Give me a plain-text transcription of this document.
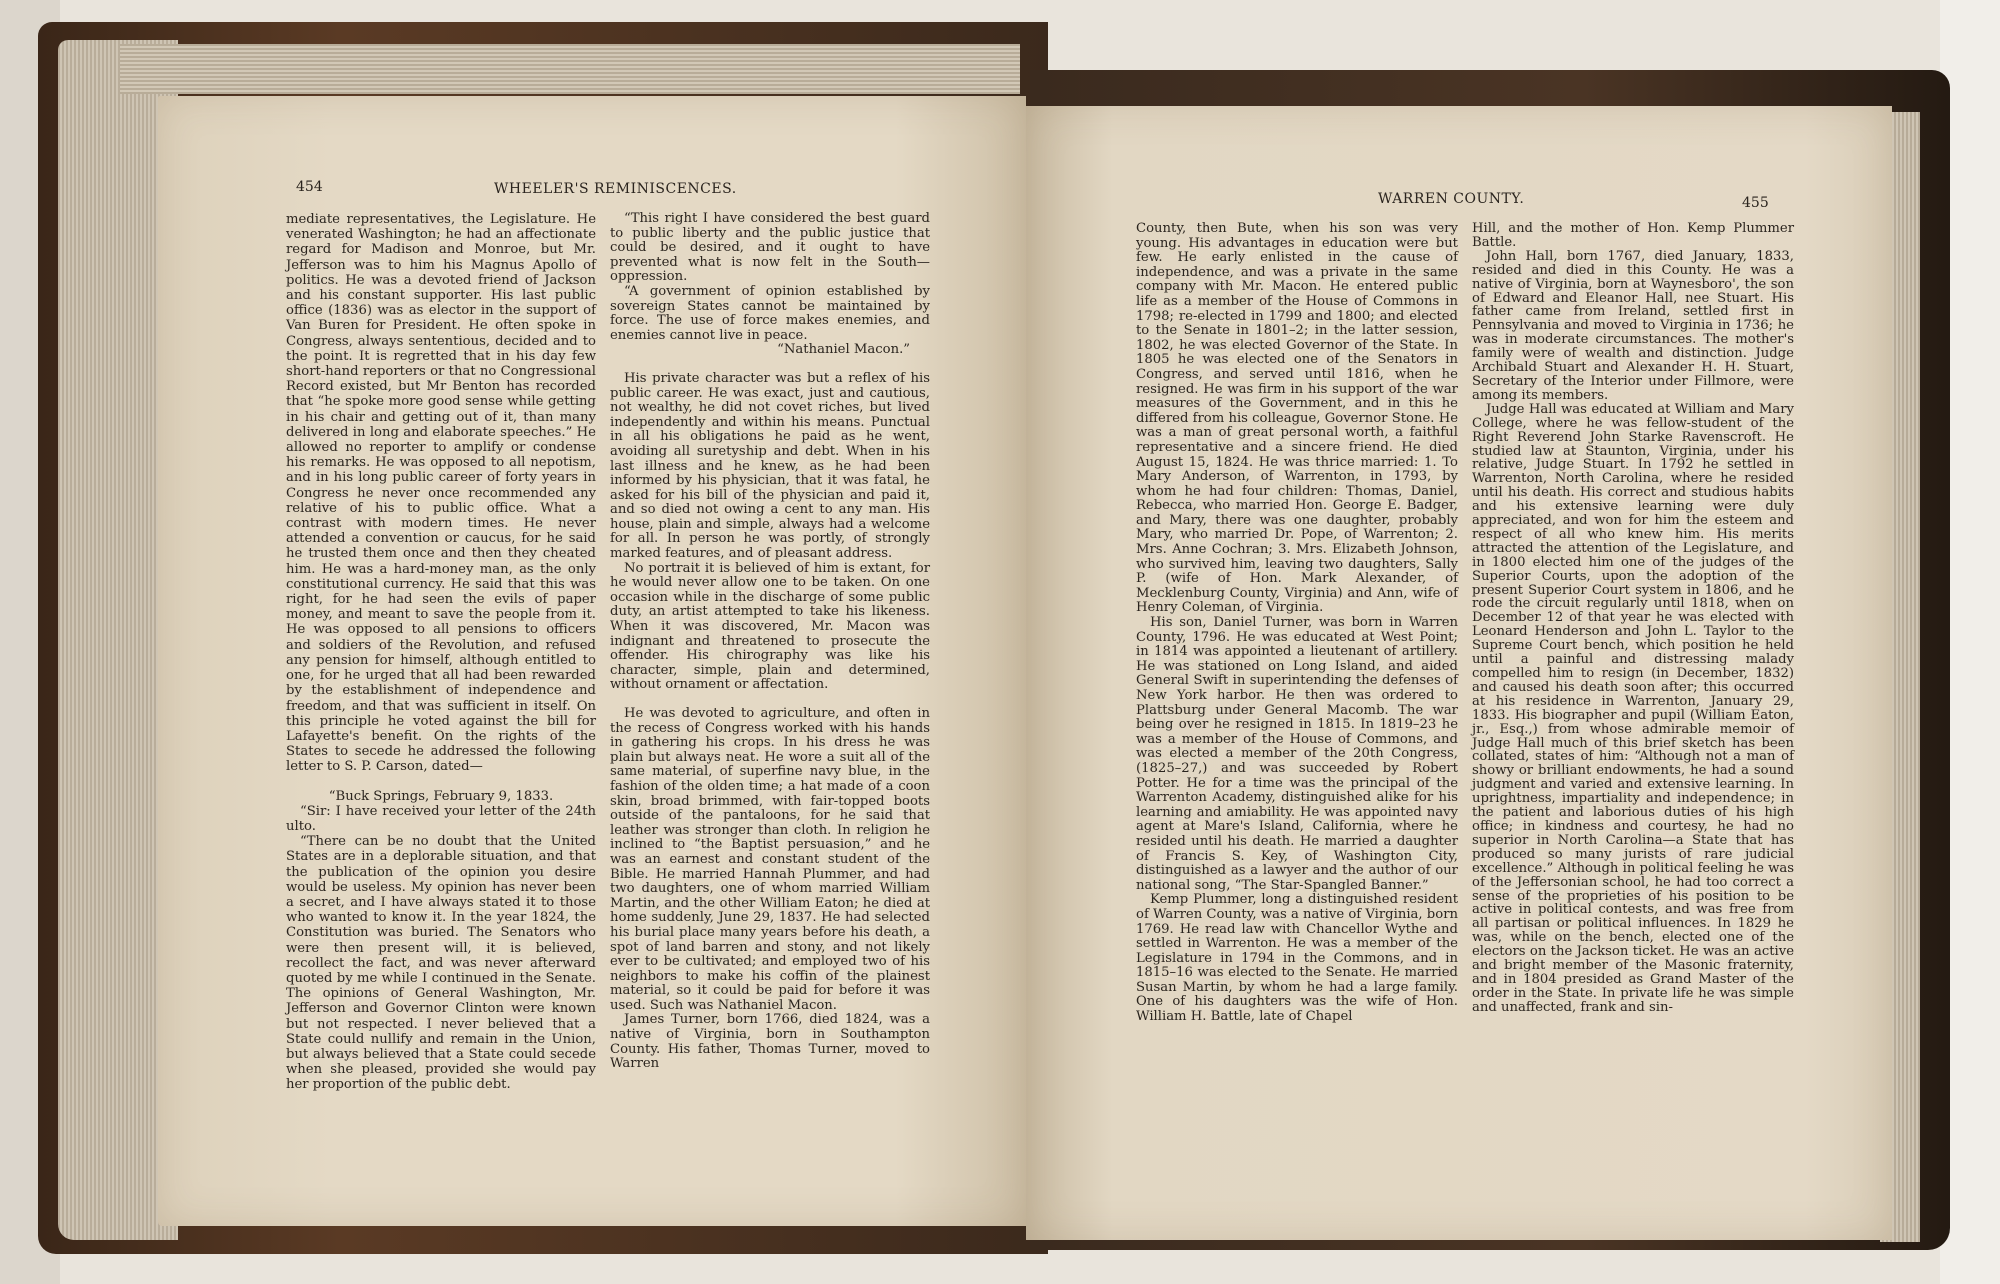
454	WHEELER'S REMINISCENCES.

mediate representatives, the Legislature. He venerated Washington; he had an affectionate regard for Madison and Monroe, but Mr. Jefferson was to him his Magnus Apollo of politics. He was a devoted friend of Jackson and his constant supporter. His last public office (1836) was as elector in the support of Van Buren for President. He often spoke in Congress, always sententious, decided and to the point. It is regretted that in his day few short-hand reporters or that no Congressional Record existed, but Mr Benton has recorded that “he spoke more good sense while getting in his chair and getting out of it, than many delivered in long and elaborate speeches.” He allowed no reporter to amplify or condense his remarks. He was opposed to all nepotism, and in his long public career of forty years in Congress he never once recommended any relative of his to public office. What a contrast with modern times. He never attended a convention or caucus, for he said he trusted them once and then they cheated him. He was a hard-money man, as the only constitutional currency. He said that this was right, for he had seen the evils of paper money, and meant to save the people from it. He was opposed to all pensions to officers and soldiers of the Revolution, and refused any pension for himself, although entitled to one, for he urged that all had been rewarded by the establishment of independence and freedom, and that was sufficient in itself. On this principle he voted against the bill for Lafayette's benefit. On the rights of the States to secede he addressed the following letter to S. P. Carson, dated—

“Buck Springs, February 9, 1833.

“Sir: I have received your letter of the 24th ulto.

“There can be no doubt that the United States are in a deplorable situation, and that the publication of the opinion you desire would be useless. My opinion has never been a secret, and I have always stated it to those who wanted to know it. In the year 1824, the Constitution was buried. The Senators who were then present will, it is believed, recollect the fact, and was never afterward quoted by me while I continued in the Senate. The opinions of General Washington, Mr. Jefferson and Governor Clinton were known but not respected. I never believed that a State could nullify and remain in the Union, but always believed that a State could secede when she pleased, provided she would pay her proportion of the public debt.

“This right I have considered the best guard to public liberty and the public justice that could be desired, and it ought to have prevented what is now felt in the South—oppression.

“A government of opinion established by sovereign States cannot be maintained by force. The use of force makes enemies, and enemies cannot live in peace.

“Nathaniel Macon.”

His private character was but a reflex of his public career. He was exact, just and cautious, not wealthy, he did not covet riches, but lived independently and within his means. Punctual in all his obligations he paid as he went, avoiding all suretyship and debt. When in his last illness and he knew, as he had been informed by his physician, that it was fatal, he asked for his bill of the physician and paid it, and so died not owing a cent to any man. His house, plain and simple, always had a welcome for all. In person he was portly, of strongly marked features, and of pleasant address.

No portrait it is believed of him is extant, for he would never allow one to be taken. On one occasion while in the discharge of some public duty, an artist attempted to take his likeness. When it was discovered, Mr. Macon was indignant and threatened to prosecute the offender. His chirography was like his character, simple, plain and determined, without ornament or affectation.

He was devoted to agriculture, and often in the recess of Congress worked with his hands in gathering his crops. In his dress he was plain but always neat. He wore a suit all of the same material, of superfine navy blue, in the fashion of the olden time; a hat made of a coon skin, broad brimmed, with fair-topped boots outside of the pantaloons, for he said that leather was stronger than cloth. In religion he inclined to “the Baptist persuasion,” and he was an earnest and constant student of the Bible. He married Hannah Plummer, and had two daughters, one of whom married William Martin, and the other William Eaton; he died at home suddenly, June 29, 1837. He had selected his burial place many years before his death, a spot of land barren and stony, and not likely ever to be cultivated; and employed two of his neighbors to make his coffin of the plainest material, so it could be paid for before it was used. Such was Nathaniel Macon.

James Turner, born 1766, died 1824, was a native of Virginia, born in Southampton County. His father, Thomas Turner, moved to Warren

WARREN COUNTY.	455

County, then Bute, when his son was very young. His advantages in education were but few. He early enlisted in the cause of independence, and was a private in the same company with Mr. Macon. He entered public life as a member of the House of Commons in 1798; re-elected in 1799 and 1800; and elected to the Senate in 1801–2; in the latter session, 1802, he was elected Governor of the State. In 1805 he was elected one of the Senators in Congress, and served until 1816, when he resigned. He was firm in his support of the war measures of the Government, and in this he differed from his colleague, Governor Stone. He was a man of great personal worth, a faithful representative and a sincere friend. He died August 15, 1824. He was thrice married: 1. To Mary Anderson, of Warrenton, in 1793, by whom he had four children: Thomas, Daniel, Rebecca, who married Hon. George E. Badger, and Mary, there was one daughter, probably Mary, who married Dr. Pope, of Warrenton; 2. Mrs. Anne Cochran; 3. Mrs. Elizabeth Johnson, who survived him, leaving two daughters, Sally P. (wife of Hon. Mark Alexander, of Mecklenburg County, Virginia) and Ann, wife of Henry Coleman, of Virginia.

His son, Daniel Turner, was born in Warren County, 1796. He was educated at West Point; in 1814 was appointed a lieutenant of artillery. He was stationed on Long Island, and aided General Swift in superintending the defenses of New York harbor. He then was ordered to Plattsburg under General Macomb. The war being over he resigned in 1815. In 1819–23 he was a member of the House of Commons, and was elected a member of the 20th Congress, (1825–27,) and was succeeded by Robert Potter. He for a time was the principal of the Warrenton Academy, distinguished alike for his learning and amiability. He was appointed navy agent at Mare's Island, California, where he resided until his death. He married a daughter of Francis S. Key, of Washington City, distinguished as a lawyer and the author of our national song, “The Star-Spangled Banner.”

Kemp Plummer, long a distinguished resident of Warren County, was a native of Virginia, born 1769. He read law with Chancellor Wythe and settled in Warrenton. He was a member of the Legislature in 1794 in the Commons, and in 1815–16 was elected to the Senate. He married Susan Martin, by whom he had a large family. One of his daughters was the wife of Hon. William H. Battle, late of Chapel

Hill, and the mother of Hon. Kemp Plummer Battle.

John Hall, born 1767, died January, 1833, resided and died in this County. He was a native of Virginia, born at Waynesboro', the son of Edward and Eleanor Hall, nee Stuart. His father came from Ireland, settled first in Pennsylvania and moved to Virginia in 1736; he was in moderate circumstances. The mother's family were of wealth and distinction. Judge Archibald Stuart and Alexander H. H. Stuart, Secretary of the Interior under Fillmore, were among its members.

Judge Hall was educated at William and Mary College, where he was fellow-student of the Right Reverend John Starke Ravenscroft. He studied law at Staunton, Virginia, under his relative, Judge Stuart. In 1792 he settled in Warrenton, North Carolina, where he resided until his death. His correct and studious habits and his extensive learning were duly appreciated, and won for him the esteem and respect of all who knew him. His merits attracted the attention of the Legislature, and in 1800 elected him one of the judges of the Superior Courts, upon the adoption of the present Superior Court system in 1806, and he rode the circuit regularly until 1818, when on December 12 of that year he was elected with Leonard Henderson and John L. Taylor to the Supreme Court bench, which position he held until a painful and distressing malady compelled him to resign (in December, 1832) and caused his death soon after; this occurred at his residence in Warrenton, January 29, 1833. His biographer and pupil (William Eaton, jr., Esq.,) from whose admirable memoir of Judge Hall much of this brief sketch has been collated, states of him: “Although not a man of showy or brilliant endowments, he had a sound judgment and varied and extensive learning. In uprightness, impartiality and independence; in the patient and laborious duties of his high office; in kindness and courtesy, he had no superior in North Carolina—a State that has produced so many jurists of rare judicial excellence.” Although in political feeling he was of the Jeffersonian school, he had too correct a sense of the proprieties of his position to be active in political contests, and was free from all partisan or political influences. In 1829 he was, while on the bench, elected one of the electors on the Jackson ticket. He was an active and bright member of the Masonic fraternity, and in 1804 presided as Grand Master of the order in the State. In private life he was simple and unaffected, frank and sin-
